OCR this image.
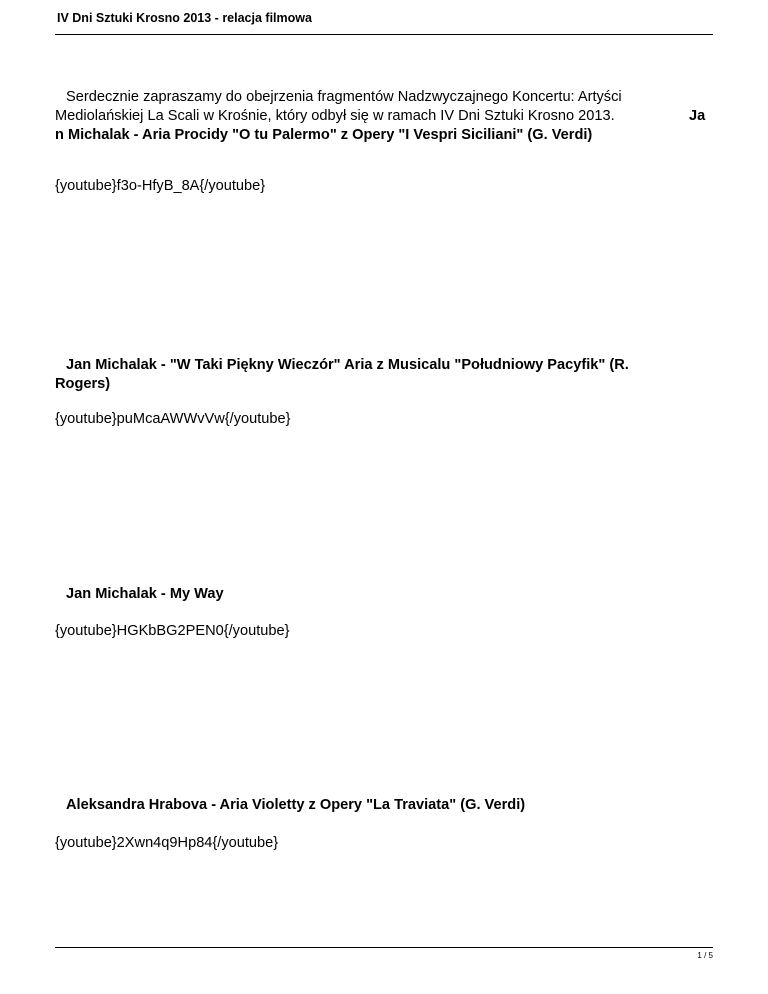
IV Dni Sztuki Krosno 2013 - relacja filmowa
Serdecznie zapraszamy do obejrzenia fragmentów Nadzwyczajnego Koncertu: Artyści
Mediolańskiej La Scali w Krośnie, który odbył się w ramach IV Dni Sztuki Krosno 2013.	Ja
n Michalak - Aria Procidy "O tu Palermo" z Opery "I Vespri Siciliani" (G. Verdi)
{youtube}f3o-HfyB_8A{/youtube}
Jan Michalak - "W Taki Piękny Wieczór" Aria z Musicalu "Południowy Pacyfik" (R.
Rogers)
{youtube}puMcaAWWvVw{/youtube}
Jan Michalak - My Way
{youtube}HGKbBG2PEN0{/youtube}
Aleksandra Hrabova - Aria Violetty z Opery "La Traviata" (G. Verdi)
{youtube}2Xwn4q9Hp84{/youtube}
1 / 5
